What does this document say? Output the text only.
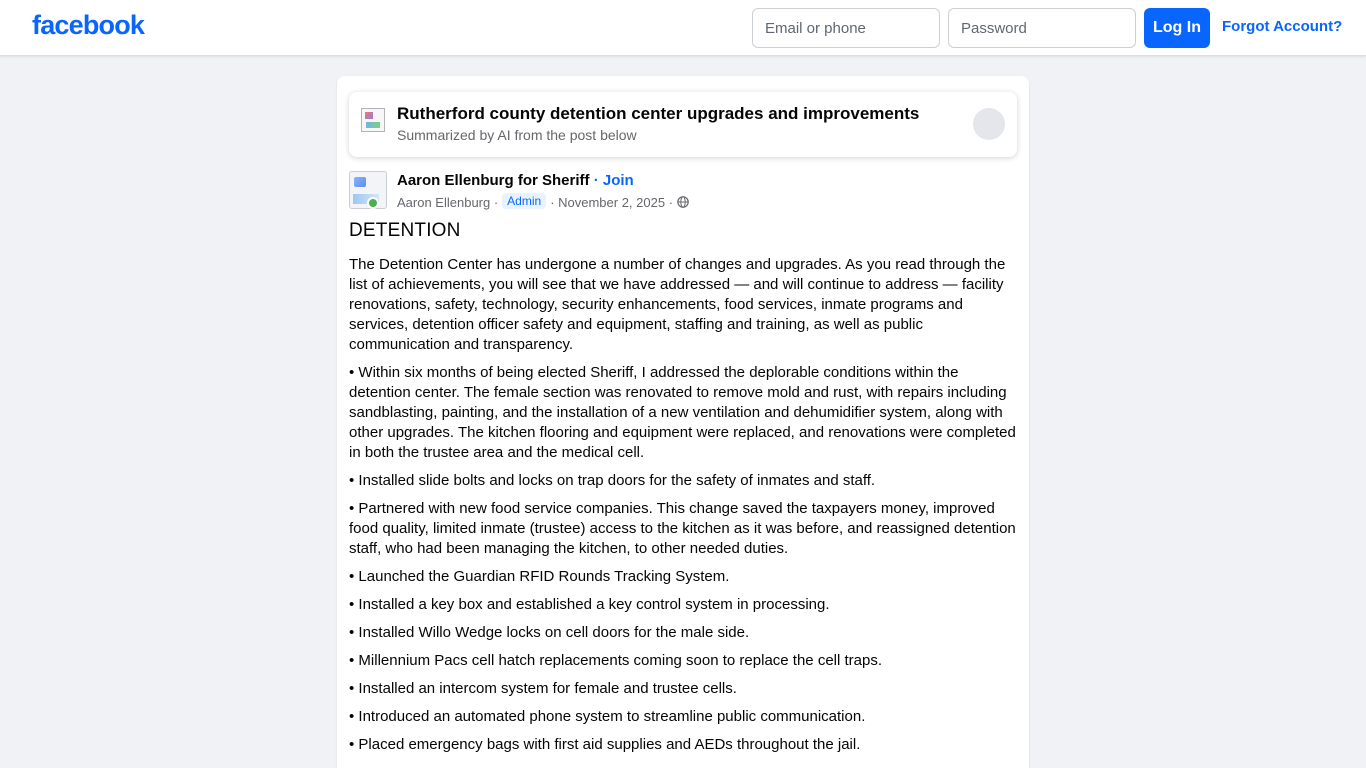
facebook
Email or phone	Log In	Forgot Account?
Rutherford county detention center upgrades and improvements
Summarized by AI from the post below
Aaron Ellenburg for Sheriff · Join
Aaron Ellenburg · Admin · November 2, 2025 ·
DETENTION

The Detention Center has undergone a number of changes and upgrades. As you read through the list of achievements, you will see that we have addressed — and will continue to address — facility renovations, safety, technology, security enhancements, food services, inmate programs and services, detention officer safety and equipment, staffing and training, as well as public communication and transparency.

• Within six months of being elected Sheriff, I addressed the deplorable conditions within the detention center. The female section was renovated to remove mold and rust, with repairs including sandblasting, painting, and the installation of a new ventilation and dehumidifier system, along with other upgrades. The kitchen flooring and equipment were replaced, and renovations were completed in both the trustee area and the medical cell.

• Installed slide bolts and locks on trap doors for the safety of inmates and staff.

• Partnered with new food service companies. This change saved the taxpayers money, improved food quality, limited inmate (trustee) access to the kitchen as it was before, and reassigned detention staff, who had been managing the kitchen, to other needed duties.

• Launched the Guardian RFID Rounds Tracking System.

• Installed a key box and established a key control system in processing.

• Installed Willo Wedge locks on cell doors for the male side.

• Millennium Pacs cell hatch replacements coming soon to replace the cell traps.

• Installed an intercom system for female and trustee cells.

• Introduced an automated phone system to streamline public communication.

• Placed emergency bags with first aid supplies and AEDs throughout the jail.
